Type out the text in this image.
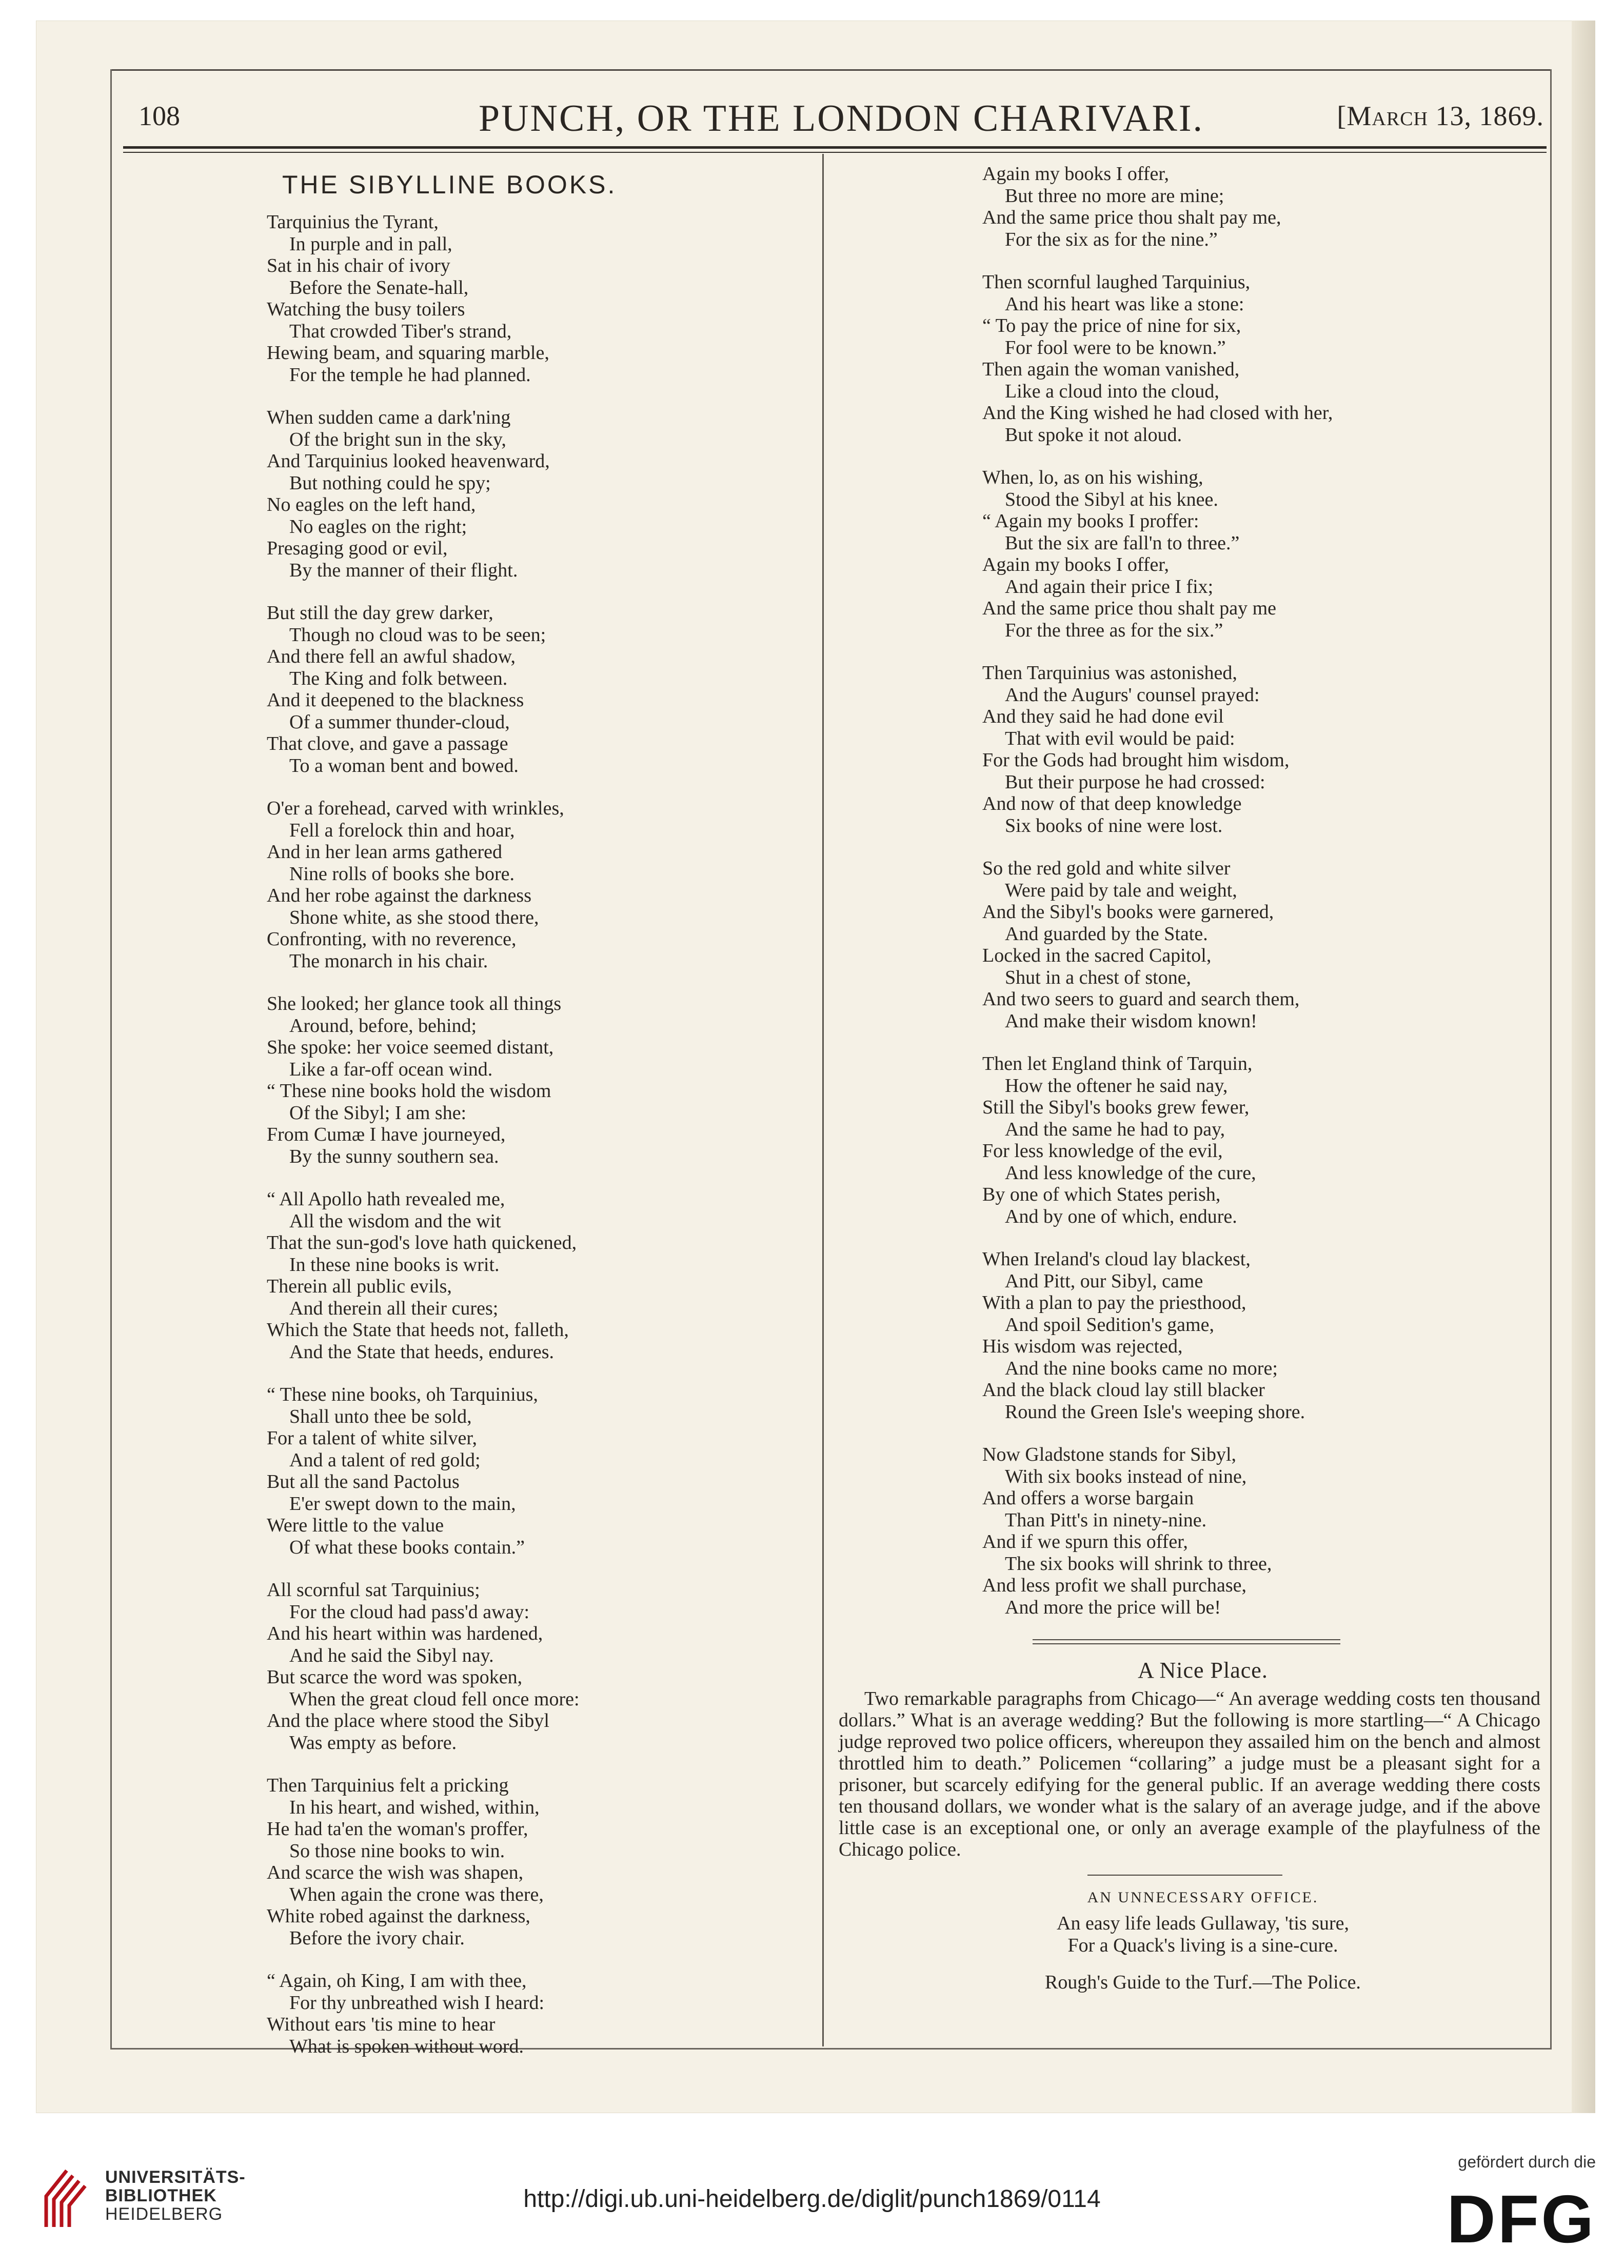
108	PUNCH, OR THE LONDON CHARIVARI.	[March 13, 1869.
THE SIBYLLINE BOOKS.
Tarquinius the Tyrant,
In purple and in pall,
Sat in his chair of ivory
Before the Senate-hall,
Watching the busy toilers
That crowded Tiber's strand,
Hewing beam, and squaring marble,
For the temple he had planned.
When sudden came a dark'ning
Of the bright sun in the sky,
And Tarquinius looked heavenward,
But nothing could he spy;
No eagles on the left hand,
No eagles on the right;
Presaging good or evil,
By the manner of their flight.
But still the day grew darker,
Though no cloud was to be seen;
And there fell an awful shadow,
The King and folk between.
And it deepened to the blackness
Of a summer thunder-cloud,
That clove, and gave a passage
To a woman bent and bowed.
O'er a forehead, carved with wrinkles,
Fell a forelock thin and hoar,
And in her lean arms gathered
Nine rolls of books she bore.
And her robe against the darkness
Shone white, as she stood there,
Confronting, with no reverence,
The monarch in his chair.
She looked; her glance took all things
Around, before, behind;
She spoke: her voice seemed distant,
Like a far-off ocean wind.
“ These nine books hold the wisdom
Of the Sibyl; I am she:
From Cumæ I have journeyed,
By the sunny southern sea.
“ All Apollo hath revealed me,
All the wisdom and the wit
That the sun-god's love hath quickened,
In these nine books is writ.
Therein all public evils,
And therein all their cures;
Which the State that heeds not, falleth,
And the State that heeds, endures.
“ These nine books, oh Tarquinius,
Shall unto thee be sold,
For a talent of white silver,
And a talent of red gold;
But all the sand Pactolus
E'er swept down to the main,
Were little to the value
Of what these books contain.”
All scornful sat Tarquinius;
For the cloud had pass'd away:
And his heart within was hardened,
And he said the Sibyl nay.
But scarce the word was spoken,
When the great cloud fell once more:
And the place where stood the Sibyl
Was empty as before.
Then Tarquinius felt a pricking
In his heart, and wished, within,
He had ta'en the woman's proffer,
So those nine books to win.
And scarce the wish was shapen,
When again the crone was there,
White robed against the darkness,
Before the ivory chair.
“ Again, oh King, I am with thee,
For thy unbreathed wish I heard:
Without ears 'tis mine to hear
What is spoken without word.
Again my books I offer,
But three no more are mine;
And the same price thou shalt pay me,
For the six as for the nine.”
Then scornful laughed Tarquinius,
And his heart was like a stone:
“ To pay the price of nine for six,
For fool were to be known.”
Then again the woman vanished,
Like a cloud into the cloud,
And the King wished he had closed with her,
But spoke it not aloud.
When, lo, as on his wishing,
Stood the Sibyl at his knee.
“ Again my books I proffer:
But the six are fall'n to three.”
Again my books I offer,
And again their price I fix;
And the same price thou shalt pay me
For the three as for the six.”
Then Tarquinius was astonished,
And the Augurs' counsel prayed:
And they said he had done evil
That with evil would be paid:
For the Gods had brought him wisdom,
But their purpose he had crossed:
And now of that deep knowledge
Six books of nine were lost.
So the red gold and white silver
Were paid by tale and weight,
And the Sibyl's books were garnered,
And guarded by the State.
Locked in the sacred Capitol,
Shut in a chest of stone,
And two seers to guard and search them,
And make their wisdom known!
Then let England think of Tarquin,
How the oftener he said nay,
Still the Sibyl's books grew fewer,
And the same he had to pay,
For less knowledge of the evil,
And less knowledge of the cure,
By one of which States perish,
And by one of which, endure.
When Ireland's cloud lay blackest,
And Pitt, our Sibyl, came
With a plan to pay the priesthood,
And spoil Sedition's game,
His wisdom was rejected,
And the nine books came no more;
And the black cloud lay still blacker
Round the Green Isle's weeping shore.
Now Gladstone stands for Sibyl,
With six books instead of nine,
And offers a worse bargain
Than Pitt's in ninety-nine.
And if we spurn this offer,
The six books will shrink to three,
And less profit we shall purchase,
And more the price will be!
A Nice Place.
Two remarkable paragraphs from Chicago—“ An average wedding costs ten thousand dollars.” What is an average wedding? But the following is more startling—“ A Chicago judge reproved two police officers, whereupon they assailed him on the bench and almost throttled him to death.” Policemen “collaring” a judge must be a pleasant sight for a prisoner, but scarcely edifying for the general public. If an average wedding there costs ten thousand dollars, we wonder what is the salary of an average judge, and if the above little case is an exceptional one, or only an average example of the playfulness of the Chicago police.
AN UNNECESSARY OFFICE.
An easy life leads Gullaway, 'tis sure,
For a Quack's living is a sine-cure.
Rough's Guide to the Turf.—The Police.
UNIVERSITÄTS-
BIBLIOTHEK
HEIDELBERG
http://digi.ub.uni-heidelberg.de/diglit/punch1869/0114
gefördert durch die
DFG
